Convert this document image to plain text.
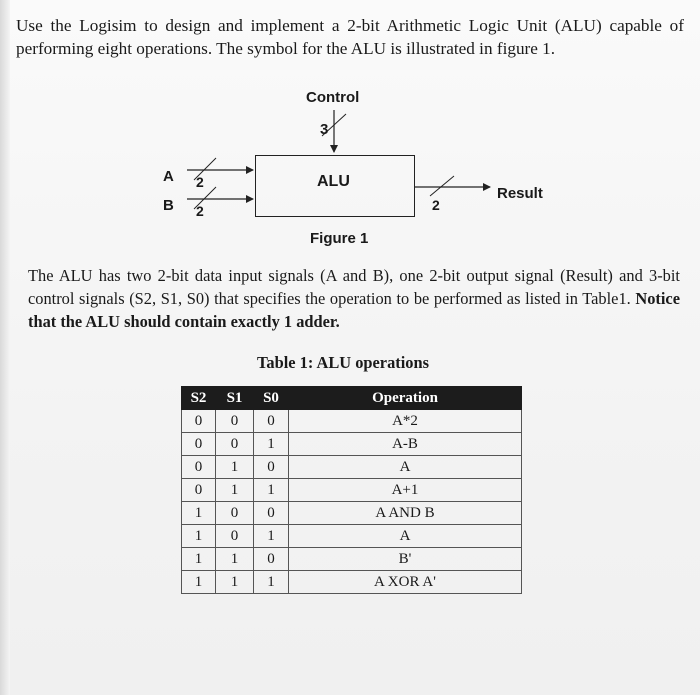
Use the Logisim to design and implement a 2-bit Arithmetic Logic Unit (ALU) capable of performing eight operations. The symbol for the ALU is illustrated in figure 1.
Control
3
ALU
A 2
B 2	2
Result
Figure 1
The ALU has two 2-bit data input signals (A and B), one 2-bit output signal (Result) and 3-bit control signals (S2, S1, S0) that specifies the operation to be performed as listed in Table1. Notice that the ALU should contain exactly 1 adder.
Table 1: ALU operations
S2	S1	S0	Operation
0	0	0	A*2
0	0	1	A-B
0	1	0	A
0	1	1	A+1
1	0	0	A AND B
1	0	1	A
1	1	0	B'
1	1	1	A XOR A'
